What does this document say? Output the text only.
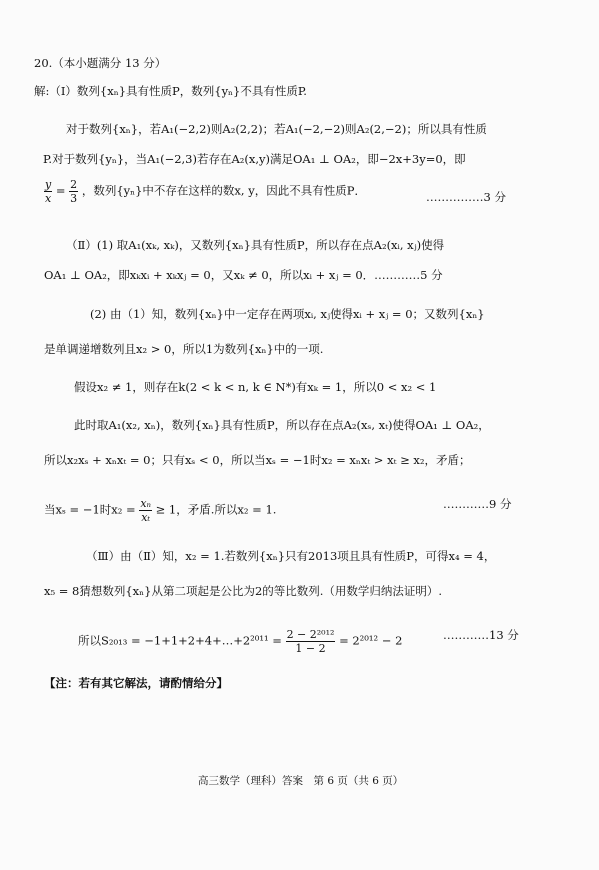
20.（本小题满分 13 分）
解:（Ⅰ）数列{xₙ}具有性质P，数列{yₙ}不具有性质P.
对于数列{xₙ}，若A₁(−2,2)则A₂(2,2)；若A₁(−2,−2)则A₂(2,−2)；所以具有性质
P.对于数列{yₙ}，当A₁(−2,3)若存在A₂(x,y)满足OA₁ ⊥ OA₂，即−2x+3y=0，即
$\frac{y}{x} = \frac{2}{3}$ ，数列{yₙ}中不存在这样的数x, y，因此不具有性质P．	……………3 分
（Ⅱ）(1) 取A₁(xₖ, xₖ)，又数列{xₙ}具有性质P，所以存在点A₂(xᵢ, xⱼ)使得
OA₁ ⊥ OA₂，即xₖxᵢ + xₖxⱼ = 0，又xₖ ≠ 0，所以xᵢ + xⱼ = 0．…………5 分
(2) 由（1）知，数列{xₙ}中一定存在两项xᵢ, xⱼ使得xᵢ + xⱼ = 0；又数列{xₙ}
是单调递增数列且x₂ > 0，所以1为数列{xₙ}中的一项.
假设x₂ ≠ 1，则存在k(2 < k < n, k ∈ N*)有xₖ = 1，所以0 < x₂ < 1
此时取A₁(x₂, xₙ)，数列{xₙ}具有性质P，所以存在点A₂(xₛ, xₜ)使得OA₁ ⊥ OA₂，
所以x₂xₛ + xₙxₜ = 0；只有xₛ < 0，所以当xₛ = −1时x₂ = xₙxₜ > xₜ ≥ x₂，矛盾；
当xₛ = −1时$x_2 = \frac{\text{xₙ}}{\text{xₜ}} \ge 1$，矛盾.所以x₂ = 1.	…………9 分
（Ⅲ）由（Ⅱ）知，x₂ = 1.若数列{xₙ}只有2013项且具有性质P，可得x₄ = 4，
x₅ = 8猜想数列{xₙ}从第二项起是公比为2的等比数列.（用数学归纳法证明）.
所以S₂₀₁₃ = −1+1+2+4+…+2²⁰¹¹ = $\frac{\text{2 − 2²⁰¹²}}{1 - 2} = 2^{2012} - 2$	…………13 分
【注：若有其它解法，请酌情给分】
高三数学（理科）答案　第 6 页（共 6 页）
